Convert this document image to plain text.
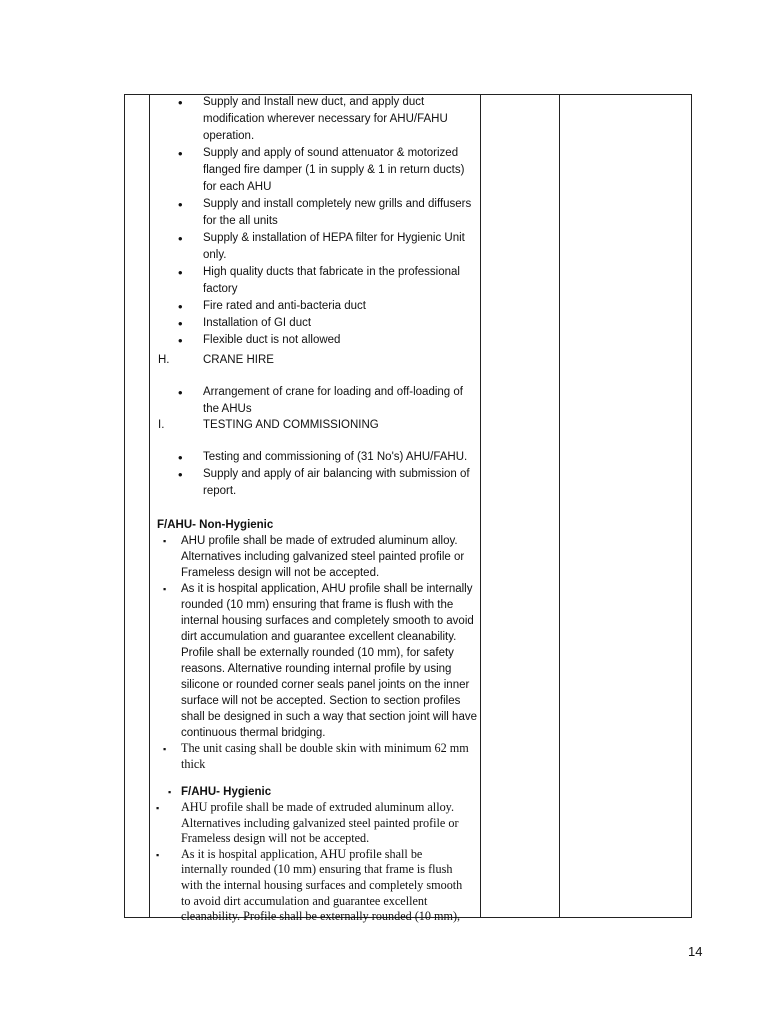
H.
I.
• Supply and Install new duct, and apply duct
modification wherever necessary for AHU/FAHU
operation.
• Supply and apply of sound attenuator & motorized
flanged fire damper (1 in supply & 1 in return ducts)
for each AHU
• Supply and install completely new grills and diffusers
for the all units
• Supply & installation of HEPA filter for Hygienic Unit
only.
• High quality ducts that fabricate in the professional
factory
• Fire rated and anti-bacteria duct
• Installation of GI duct
• Flexible duct is not allowed
CRANE HIRE
• Arrangement of crane for loading and off-loading of
the AHUs
TESTING AND COMMISSIONING
• Testing and commissioning of (31 No's) AHU/FAHU.
• Supply and apply of air balancing with submission of
report.
F/AHU- Non-Hygienic
▪ AHU profile shall be made of extruded aluminum alloy.
Alternatives including galvanized steel painted profile or
Frameless design will not be accepted.
▪ As it is hospital application, AHU profile shall be internally
rounded (10 mm) ensuring that frame is flush with the
internal housing surfaces and completely smooth to avoid
dirt accumulation and guarantee excellent cleanability.
Profile shall be externally rounded (10 mm), for safety
reasons. Alternative rounding internal profile by using
silicone or rounded corner seals panel joints on the inner
surface will not be accepted. Section to section profiles
shall be designed in such a way that section joint will have
continuous thermal bridging.
▪ The unit casing shall be double skin with minimum 62 mm
thick
▪ F/AHU- Hygienic
▪ AHU profile shall be made of extruded aluminum alloy.
Alternatives including galvanized steel painted profile or
Frameless design will not be accepted.
▪ As it is hospital application, AHU profile shall be
internally rounded (10 mm) ensuring that frame is flush
with the internal housing surfaces and completely smooth
to avoid dirt accumulation and guarantee excellent
cleanability. Profile shall be externally rounded (10 mm),
14
